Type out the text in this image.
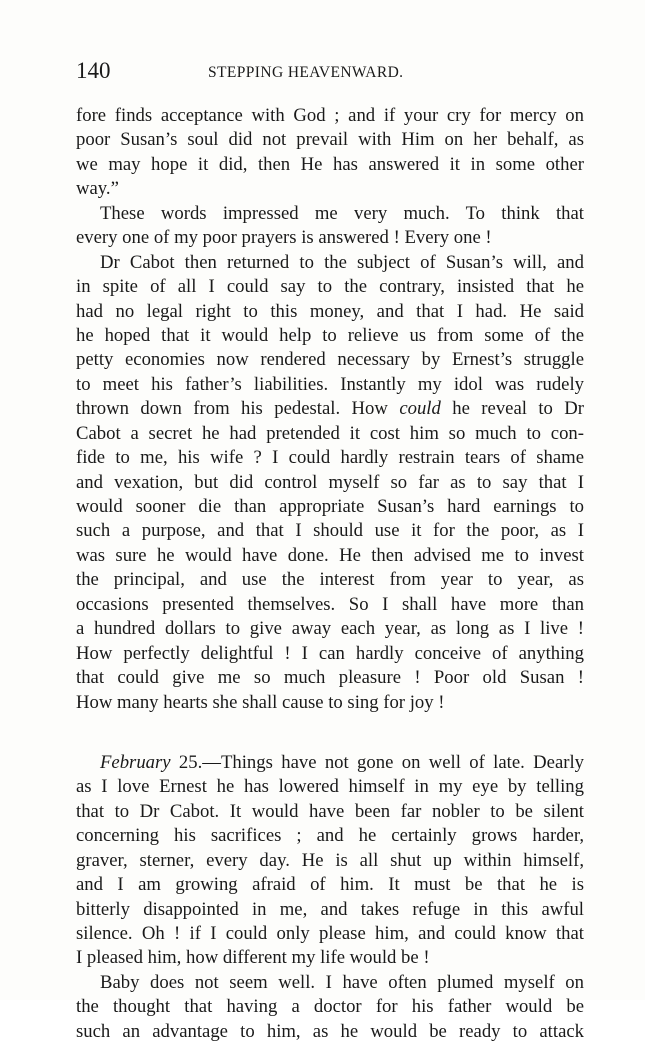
140	STEPPING HEAVENWARD.
fore finds acceptance with God ; and if your cry for mercy on
poor Susan’s soul did not prevail with Him on her behalf, as
we may hope it did, then He has answered it in some other
way.”
These words impressed me very much. To think that
every one of my poor prayers is answered ! Every one !
Dr Cabot then returned to the subject of Susan’s will, and
in spite of all I could say to the contrary, insisted that he
had no legal right to this money, and that I had. He said
he hoped that it would help to relieve us from some of the
petty economies now rendered necessary by Ernest’s struggle
to meet his father’s liabilities. Instantly my idol was rudely
thrown down from his pedestal. How could he reveal to Dr
Cabot a secret he had pretended it cost him so much to con-
fide to me, his wife ? I could hardly restrain tears of shame
and vexation, but did control myself so far as to say that I
would sooner die than appropriate Susan’s hard earnings to
such a purpose, and that I should use it for the poor, as I
was sure he would have done. He then advised me to invest
the principal, and use the interest from year to year, as
occasions presented themselves. So I shall have more than
a hundred dollars to give away each year, as long as I live !
How perfectly delightful ! I can hardly conceive of anything
that could give me so much pleasure ! Poor old Susan !
How many hearts she shall cause to sing for joy !
February 25.—Things have not gone on well of late. Dearly
as I love Ernest he has lowered himself in my eye by telling
that to Dr Cabot. It would have been far nobler to be silent
concerning his sacrifices ; and he certainly grows harder,
graver, sterner, every day. He is all shut up within himself,
and I am growing afraid of him. It must be that he is
bitterly disappointed in me, and takes refuge in this awful
silence. Oh ! if I could only please him, and could know that
I pleased him, how different my life would be !
Baby does not seem well. I have often plumed myself on
the thought that having a doctor for his father would be
such an advantage to him, as he would be ready to attack
